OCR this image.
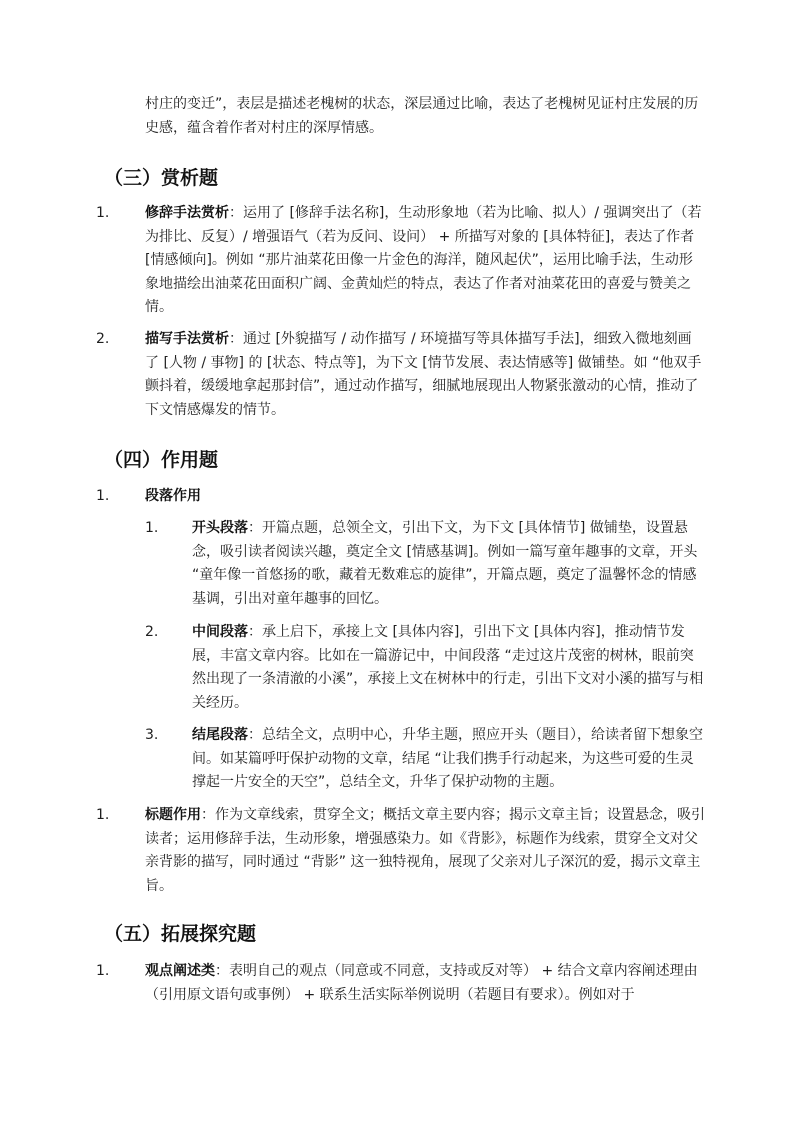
村庄的变迁”，表层是描述老槐树的状态，深层通过比喻，表达了老槐树见证村庄发展的历史感，蕴含着作者对村庄的深厚情感。

（三）赏析题
1.	修辞手法赏析：运用了 [修辞手法名称]，生动形象地（若为比喻、拟人）/ 强调突出了（若为排比、反复）/ 增强语气（若为反问、设问） + 所描写对象的 [具体特征]，表达了作者 [情感倾向]。例如 “那片油菜花田像一片金色的海洋，随风起伏”，运用比喻手法，生动形象地描绘出油菜花田面积广阔、金黄灿烂的特点，表达了作者对油菜花田的喜爱与赞美之情。

2.	描写手法赏析：通过 [外貌描写 / 动作描写 / 环境描写等具体描写手法]，细致入微地刻画了 [人物 / 事物] 的 [状态、特点等]，为下文 [情节发展、表达情感等] 做铺垫。如 “他双手颤抖着，缓缓地拿起那封信”，通过动作描写，细腻地展现出人物紧张激动的心情，推动了下文情感爆发的情节。

（四）作用题
1.	段落作用

1. 开头段落：开篇点题，总领全文，引出下文，为下文 [具体情节] 做铺垫，设置悬念，吸引读者阅读兴趣，奠定全文 [情感基调]。例如一篇写童年趣事的文章，开头 “童年像一首悠扬的歌，藏着无数难忘的旋律”，开篇点题，奠定了温馨怀念的情感基调，引出对童年趣事的回忆。

2. 中间段落：承上启下，承接上文 [具体内容]，引出下文 [具体内容]，推动情节发展，丰富文章内容。比如在一篇游记中，中间段落 “走过这片茂密的树林，眼前突然出现了一条清澈的小溪”，承接上文在树林中的行走，引出下文对小溪的描写与相关经历。

3. 结尾段落：总结全文，点明中心，升华主题，照应开头（题目），给读者留下想象空间。如某篇呼吁保护动物的文章，结尾 “让我们携手行动起来，为这些可爱的生灵撑起一片安全的天空”，总结全文，升华了保护动物的主题。

1.	标题作用：作为文章线索，贯穿全文；概括文章主要内容；揭示文章主旨；设置悬念，吸引读者；运用修辞手法，生动形象，增强感染力。如《背影》，标题作为线索，贯穿全文对父亲背影的描写，同时通过 “背影” 这一独特视角，展现了父亲对儿子深沉的爱，揭示文章主旨。

（五）拓展探究题
1.	观点阐述类：表明自己的观点（同意或不同意，支持或反对等） + 结合文章内容阐述理由（引用原文语句或事例） + 联系生活实际举例说明（若题目有要求）。例如对于
